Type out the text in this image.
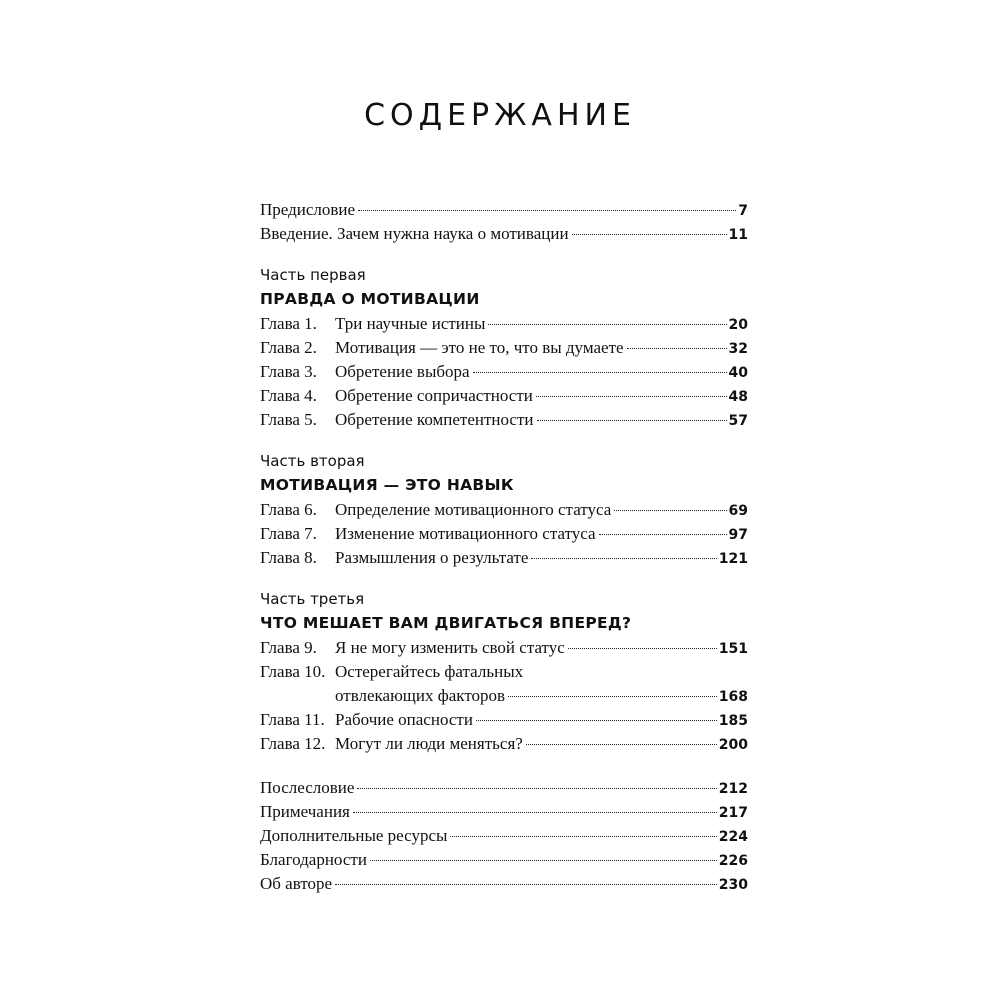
СОДЕРЖАНИЕ
Предисловие	7
Введение. Зачем нужна наука о мотивации	11
Часть первая
ПРАВДА О МОТИВАЦИИ
Глава 1.	Три научные истины	20
Глава 2.	Мотивация — это не то, что вы думаете	32
Глава 3.	Обретение выбора	40
Глава 4.	Обретение сопричастности	48
Глава 5.	Обретение компетентности	57
Часть вторая
МОТИВАЦИЯ — ЭТО НАВЫК
Глава 6.	Определение мотивационного статуса	69
Глава 7.	Изменение мотивационного статуса	97
Глава 8.	Размышления о результате	121
Часть третья
ЧТО МЕШАЕТ ВАМ ДВИГАТЬСЯ ВПЕРЕД?
Глава 9.	Я не могу изменить свой статус	151
Глава 10. Остерегайтесь фатальных
отвлекающих факторов	168
Глава 11. Рабочие опасности	185
Глава 12. Могут ли люди меняться?	200
Послесловие	212
Примечания	217
Дополнительные ресурсы	224
Благодарности	226
Об авторе	230
